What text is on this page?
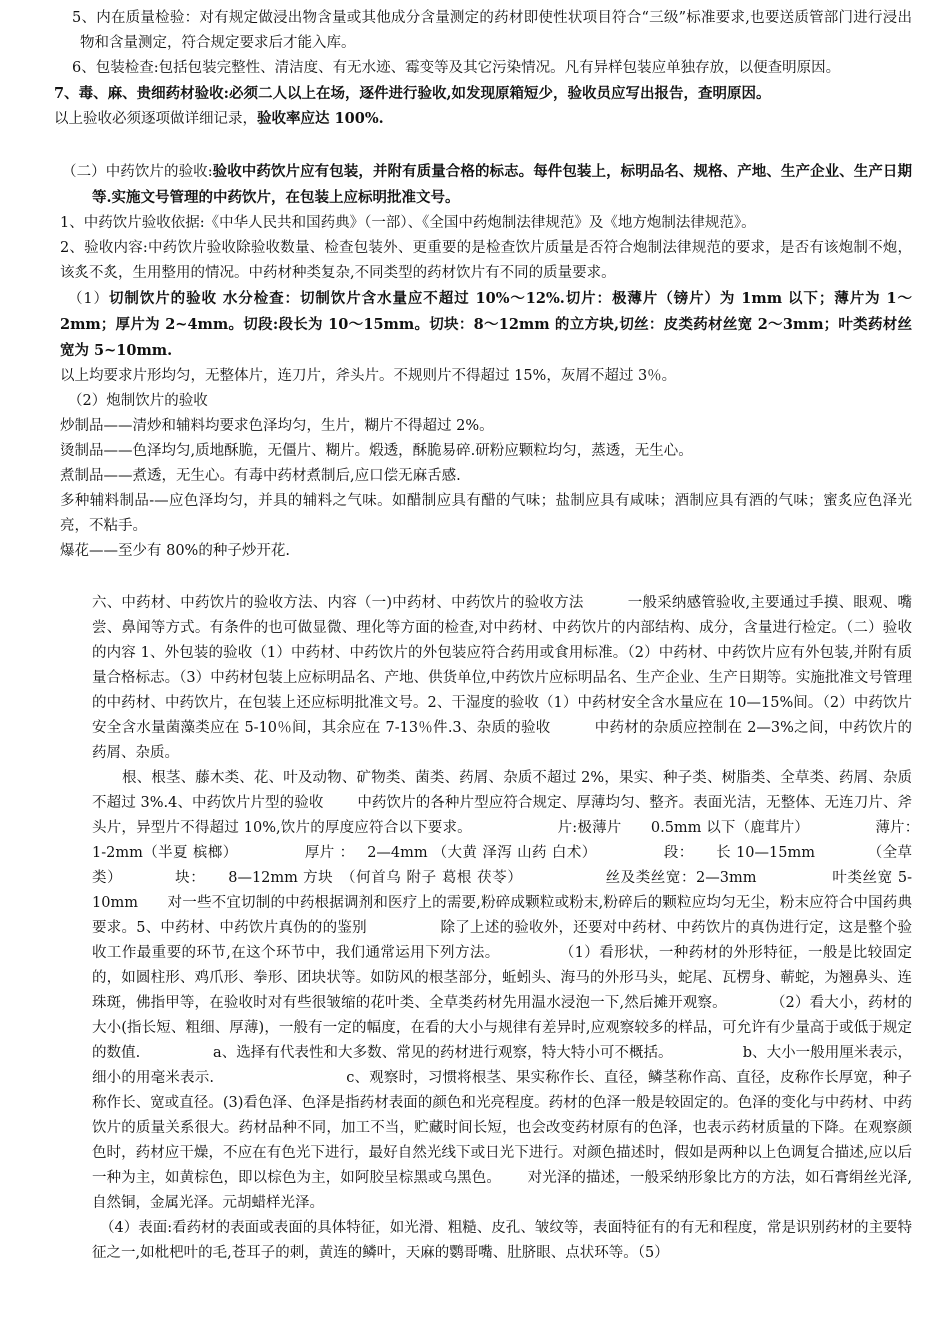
5、内在质量检验：对有规定做浸出物含量或其他成分含量测定的药材即使性状项目符合“三级”标准要求,也要送质管部门进行浸出物和含量测定，符合规定要求后才能入库。

6、包装检查:包括包装完整性、清洁度、有无水迹、霉变等及其它污染情况。凡有异样包装应单独存放，以便查明原因。

7、毒、麻、贵细药材验收:必须二人以上在场，逐件进行验收,如发现原箱短少，验收员应写出报告，查明原因。

以上验收必须逐项做详细记录，验收率应达 100%.

（二）中药饮片的验收:验收中药饮片应有包装，并附有质量合格的标志。每件包装上，标明品名、规格、产地、生产企业、生产日期等.实施文号管理的中药饮片，在包装上应标明批准文号。

1、中药饮片验收依据:《中华人民共和国药典》（一部）、《全国中药炮制法律规范》及《地方炮制法律规范》。

2、验收内容:中药饮片验收除验收数量、检查包装外、更重要的是检查饮片质量是否符合炮制法律规范的要求，是否有该炮制不炮，该炙不炙，生用整用的情况。中药材种类复杂,不同类型的药材饮片有不同的质量要求。

（1）切制饮片的验收 水分检查：切制饮片含水量应不超过 10%～12%.切片：极薄片（镑片）为 1mm 以下；薄片为 1～2mm；厚片为 2~4mm。切段:段长为 10～15mm。切块：8～12mm 的立方块,切丝：皮类药材丝宽 2～3mm；叶类药材丝宽为 5~10mm.

以上均要求片形均匀，无整体片，连刀片，斧头片。不规则片不得超过 15%，灰屑不超过 3％。

（2）炮制饮片的验收

炒制品——清炒和辅料均要求色泽均匀，生片，糊片不得超过 2%。

烫制品——色泽均匀,质地酥脆，无僵片、糊片。煅透，酥脆易碎.研粉应颗粒均匀，蒸透，无生心。

煮制品——煮透，无生心。有毒中药材煮制后,应口偿无麻舌感.

多种辅料制品-—应色泽均匀，并具的辅料之气味。如醋制应具有醋的气味；盐制应具有咸味；酒制应具有酒的气味；蜜炙应色泽光亮，不粘手。

爆花——至少有 80%的种子炒开花.

六、中药材、中药饮片的验收方法、内容（一)中药材、中药饮片的验收方法　　　一般采纳感管验收,主要通过手摸、眼观、嘴尝、鼻闻等方式。有条件的也可做显微、理化等方面的检查,对中药材、中药饮片的内部结构、成分，含量进行检定。（二）验收的内容 1、外包装的验收（1）中药材、中药饮片的外包装应符合药用或食用标准。（2）中药材、中药饮片应有外包装,并附有质量合格标志。（3）中药材包装上应标明品名、产地、供货单位,中药饮片应标明品名、生产企业、生产日期等。实施批准文号管理的中药材、中药饮片，在包装上还应标明批准文号。2、干湿度的验收（1）中药材安全含水量应在 10—15%间。（2）中药饮片安全含水量菌藻类应在 5-10％间，其余应在 7-13％件.3、杂质的验收　　　中药材的杂质应控制在 2—3%之间，中药饮片的药屑、杂质。

根、根茎、藤木类、花、叶及动物、矿物类、菌类、药屑、杂质不超过 2%，果实、种子类、树脂类、全草类、药屑、杂质不超过 3%.4、中药饮片片型的验收　　 中药饮片的各种片型应符合规定、厚薄均匀、整齐。表面光洁，无整体、无连刀片、斧头片，异型片不得超过 10%,饮片的厚度应符合以下要求。　　　　　　 片:极薄片　　0.5mm 以下（鹿茸片）　　　　　薄片：　　1-2mm（半夏 槟榔）　　　　　厚片 ：　 2—4mm （大黄 泽泻 山药 白术）　　　　　段：　　长 10—15mm　　　　（全草类）　　　　块：　　8—12mm 方块　（何首乌 附子 葛根 茯苓）　　　　　　丝及类丝宽：2—3mm　　　　　叶类丝宽 5-10mm　　对一些不宜切制的中药根据调剂和医疗上的需要,粉碎成颗粒或粉末,粉碎后的颗粒应均匀无尘，粉末应符合中国药典要求。5、中药材、中药饮片真伪的的鉴别　　　　　除了上述的验收外，还要对中药材、中药饮片的真伪进行定，这是整个验收工作最重要的环节,在这个环节中，我们通常运用下列方法。　　　　　（1）看形状，一种药材的外形特征，一般是比较固定的，如圆柱形、鸡爪形、拳形、团块状等。如防风的根茎部分，蚯蚓头、海马的外形马头，蛇尾、瓦楞身、蕲蛇，为翘鼻头、连珠斑，佛指甲等，在验收时对有些很皱缩的花叶类、全草类药材先用温水浸泡一下,然后摊开观察。　　　　（2）看大小，药材的大小(指长短、粗细、厚薄)，一般有一定的幅度，在看的大小与规律有差异时,应观察较多的样品，可允许有少量高于或低于规定的数值.　　　　　a、选择有代表性和大多数、常见的药材进行观察，特大特小可不概括。　　　　　 b、大小一般用厘米表示，细小的用毫米表示.　　　　　　　　　c、观察时，习惯将根茎、果实称作长、直径，鳞茎称作高、直径，皮称作长厚宽，种子称作长、宽或直径。(3)看色泽、色泽是指药材表面的颜色和光亮程度。药材的色泽一般是较固定的。色泽的变化与中药材、中药饮片的质量关系很大。药材品种不同，加工不当，贮藏时间长短，也会改变药材原有的色泽，也表示药材质量的下降。在观察颜色时，药材应干燥，不应在有色光下进行，最好自然光线下或日光下进行。对颜色描述时，假如是两种以上色调复合描述,应以后一种为主，如黄棕色，即以棕色为主，如阿胶呈棕黑或乌黑色。　　 对光泽的描述，一般采纳形象比方的方法，如石膏绢丝光泽,自然铜，金属光泽。元胡蜡样光泽。

（4）表面:看药材的表面或表面的具体特征，如光滑、粗糙、皮孔、皱纹等，表面特征有的有无和程度，常是识别药材的主要特征之一,如枇杷叶的毛,苍耳子的刺，黄连的鳞叶，天麻的鹦哥嘴、肚脐眼、点状环等。（5）
